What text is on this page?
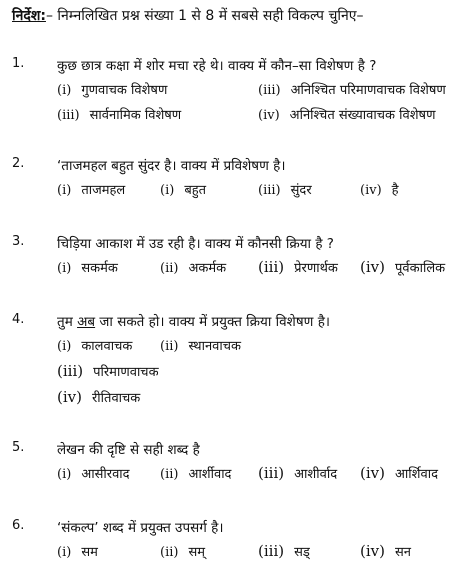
निर्देश:– निम्नलिखित प्रश्न संख्या 1 से 8 में सबसे सही विकल्प चुनिए–
1. कुछ छात्र कक्षा में शोर मचा रहे थे। वाक्य में कौन–सा विशेषण है ?
(i) गुणवाचक विशेषण	(iii) अनिश्चित परिमाणवाचक विशेषण
(iii) सार्वनामिक विशेषण	(iv) अनिश्चित संख्यावाचक विशेषण
2. ‘ताजमहल बहुत सुंदर है। वाक्य में प्रविशेषण है।
(i) ताजमहल	(i) बहुत	(iii) सुंदर	(iv) है
3. चिड़िया आकाश में उड रही है। वाक्य में कौनसी क्रिया है ?
(i) सकर्मक	(ii) अकर्मक (iii) प्रेरणार्थक (iv) पूर्वकालिक
4. तुम अब जा सकते हो। वाक्य में प्रयुक्त क्रिया विशेषण है।
(i) कालवाचक (ii) स्थानवाचक
(iii) परिमाणवाचक
(iv) रीतिवाचक
5. लेखन की दृष्टि से सही शब्द है
(i) आसीरवाद (ii) आर्शीवाद (iii) आशीर्वाद (iv) आर्शिवाद
6. ‘संकल्प’ शब्द में प्रयुक्त उपसर्ग है।
(i) सम	(ii) सम्	(iii) सड्	(iv) सन
